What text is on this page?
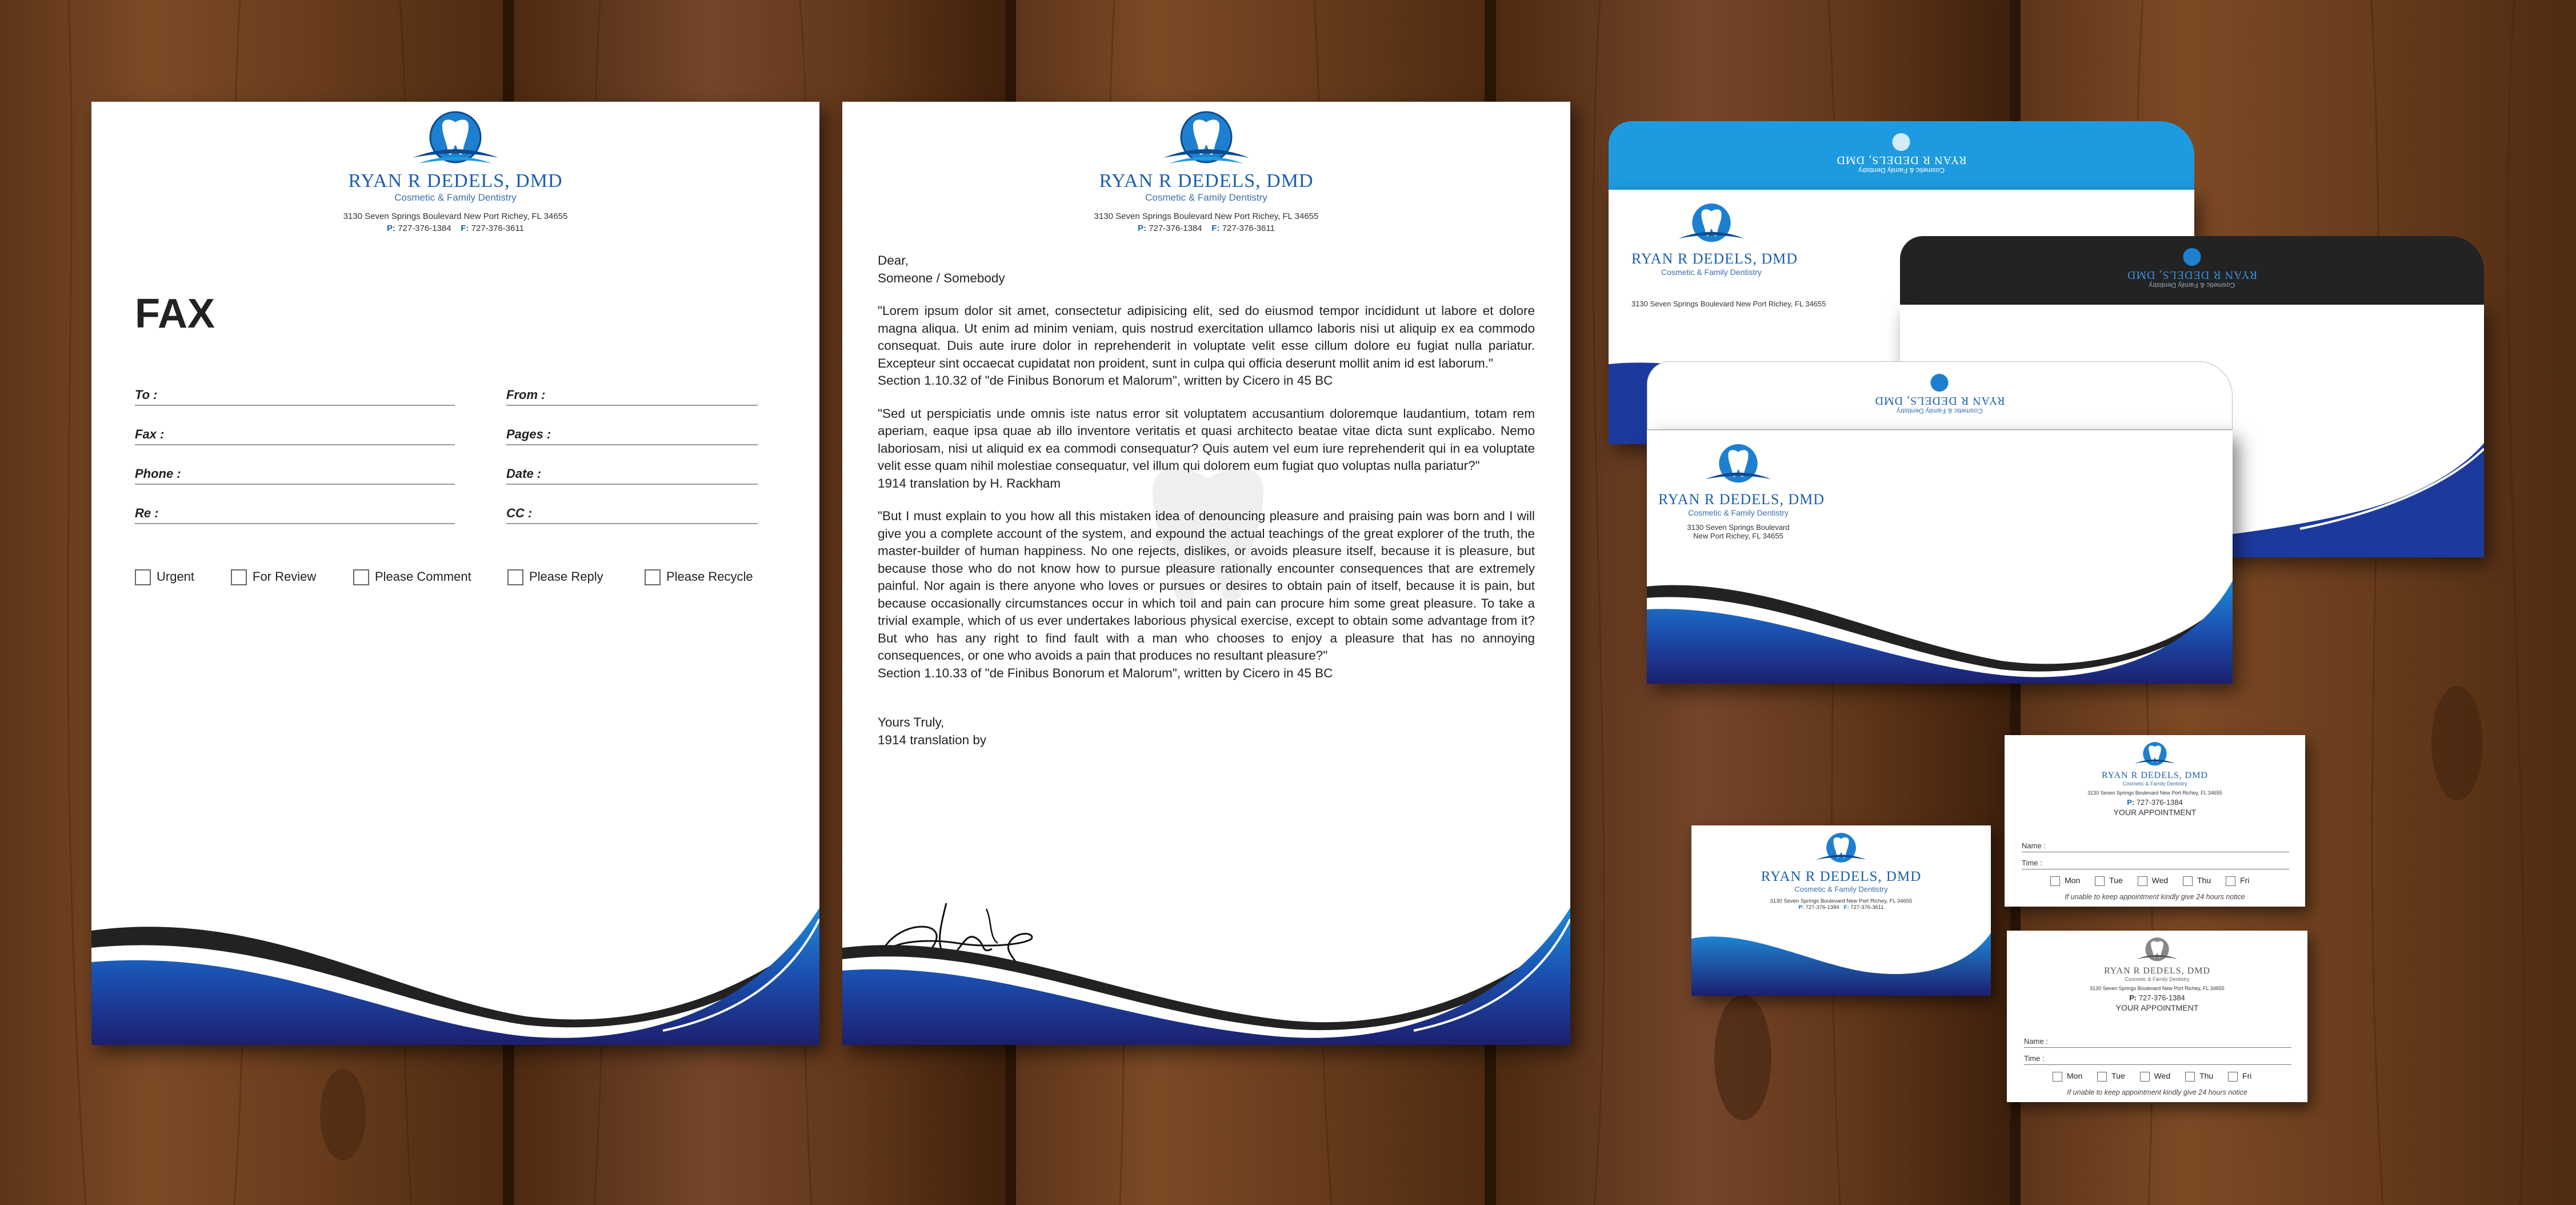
RYAN R DEDELS, DMD
Cosmetic & Family Dentistry
3130 Seven Springs Boulevard New Port Richey, FL 34655
P: 727-376-1384 F: 727-376-3611
FAX
To :	From :
Fax :	Pages :
Phone :	Date :
Re :	CC :
Urgent	For Review	Please Comment	Please Reply	Please Recycle
RYAN R DEDELS, DMD
Cosmetic & Family Dentistry
3130 Seven Springs Boulevard New Port Richey, FL 34655
P: 727-376-1384 F: 727-376-3611

Dear,
Someone / Somebody

"Lorem ipsum dolor sit amet, consectetur adipisicing elit, sed do eiusmod tempor incididunt ut labore et dolore magna aliqua. Ut enim ad minim veniam, quis nostrud exercitation ullamco laboris nisi ut aliquip ex ea commodo consequat. Duis aute irure dolor in reprehenderit in voluptate velit esse cillum dolore eu fugiat nulla pariatur. Excepteur sint occaecat cupidatat non proident, sunt in culpa qui officia deserunt mollit anim id est laborum."
Section 1.10.32 of "de Finibus Bonorum et Malorum", written by Cicero in 45 BC

"Sed ut perspiciatis unde omnis iste natus error sit voluptatem accusantium doloremque laudantium, totam rem aperiam, eaque ipsa quae ab illo inventore veritatis et quasi architecto beatae vitae dicta sunt explicabo. Nemo laboriosam, nisi ut aliquid ex ea commodi consequatur? Quis autem vel eum iure reprehenderit qui in ea voluptate velit esse quam nihil molestiae consequatur, vel illum qui dolorem eum fugiat quo voluptas nulla pariatur?"
1914 translation by H. Rackham

"But I must explain to you how all this mistaken idea of denouncing pleasure and praising pain was born and I will give you a complete account of the system, and expound the actual teachings of the great explorer of the truth, the master-builder of human happiness. No one rejects, dislikes, or avoids pleasure itself, because it is pleasure, but because those who do not know how to pursue pleasure rationally encounter consequences that are extremely painful. Nor again is there anyone who loves or pursues or desires to obtain pain of itself, because it is pain, but because occasionally circumstances occur in which toil and pain can procure him some great pleasure. To take a trivial example, which of us ever undertakes laborious physical exercise, except to obtain some advantage from it? But who has any right to find fault with a man who chooses to enjoy a pleasure that has no annoying consequences, or one who avoids a pain that produces no resultant pleasure?"
Section 1.10.33 of "de Finibus Bonorum et Malorum", written by Cicero in 45 BC

Yours Truly,
1914 translation by

Cosmetic & Family Dentistry
RYAN R DEDELS, DMD
RYAN R DEDELS, DMD
Cosmetic & Family Dentistry
3130 Seven Springs Boulevard New Port Richey, FL 34655
Cosmetic & Family Dentistry
RYAN R DEDELS, DMD
Cosmetic & Family Dentistry
RYAN R DEDELS, DMD
RYAN R DEDELS, DMD
Cosmetic & Family Dentistry
3130 Seven Springs Boulevard
New Port Richey, FL 34655
RYAN R DEDELS, DMD
Cosmetic & Family Dentistry
3130 Seven Springs Boulevard New Port Richey, FL 34655
P: 727-376-1384 F: 727-376-3611
RYAN R DEDELS, DMD
Cosmetic & Family Dentistry
3130 Seven Springs Boulevard New Port Richey, FL 34655
P: 727-376-1384
YOUR APPOINTMENT
Name :
Time :
Mon	Tue	Wed	Thu	Fri
If unable to keep appointment kindly give 24 hours notice
RYAN R DEDELS, DMD
Cosmetic & Family Dentistry
3130 Seven Springs Boulevard New Port Richey, FL 34655
P: 727-376-1384
YOUR APPOINTMENT
Name :
Time :
Mon	Tue	Wed	Thu	Fri
If unable to keep appointment kindly give 24 hours notice
